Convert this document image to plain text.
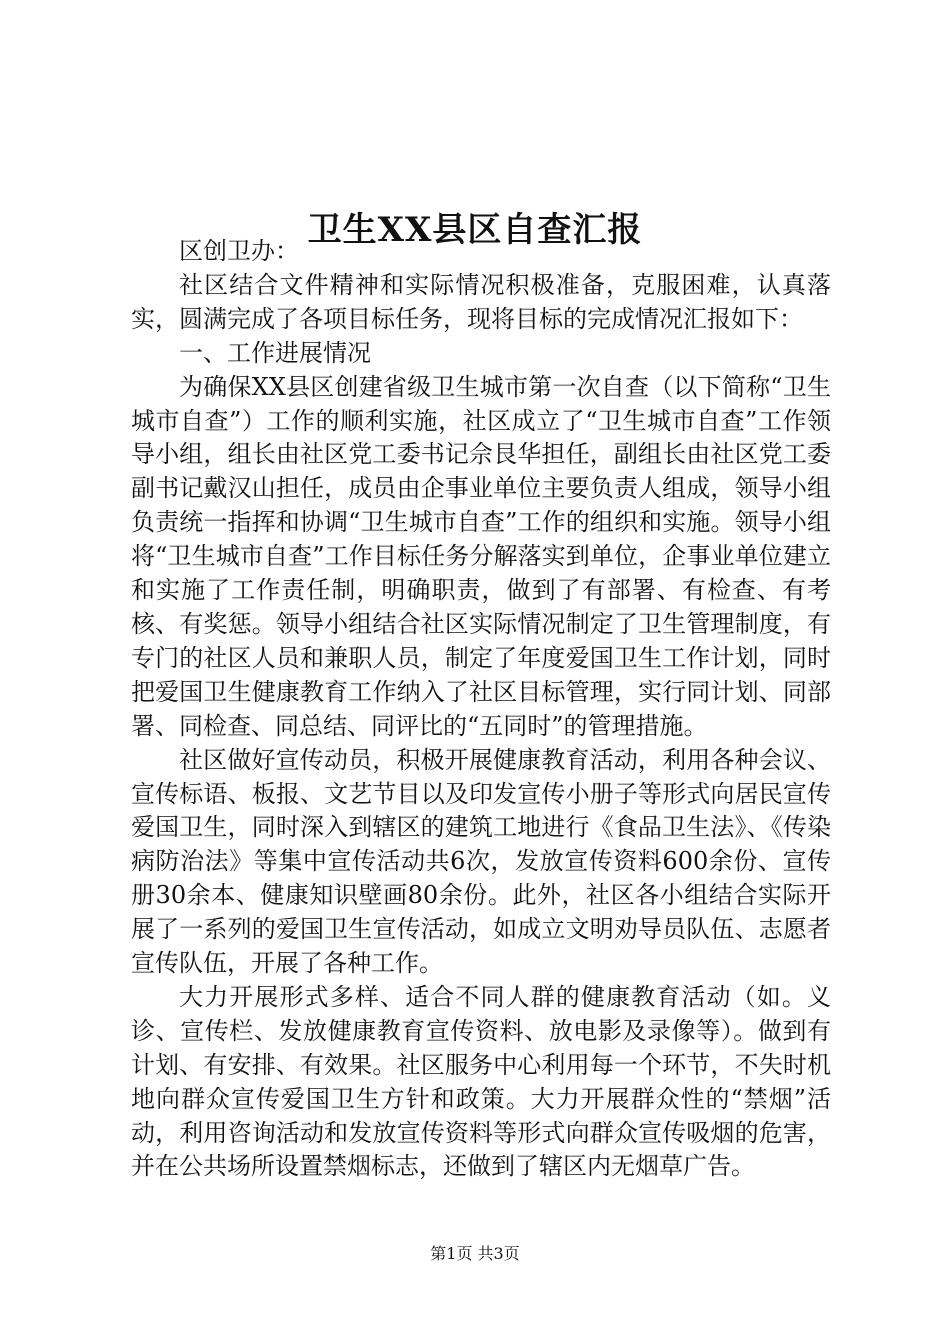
卫生XX县区自查汇报

区创卫办：

社区结合文件精神和实际情况积极准备，克服困难，认真落实，圆满完成了各项目标任务，现将目标的完成情况汇报如下：

一、工作进展情况

为确保XX县区创建省级卫生城市第一次自查（以下简称“卫生城市自查”）工作的顺利实施，社区成立了“卫生城市自查”工作领导小组，组长由社区党工委书记佘艮华担任，副组长由社区党工委副书记戴汉山担任，成员由企事业单位主要负责人组成，领导小组负责统一指挥和协调“卫生城市自查”工作的组织和实施。领导小组将“卫生城市自查”工作目标任务分解落实到单位，企事业单位建立和实施了工作责任制，明确职责，做到了有部署、有检查、有考核、有奖惩。领导小组结合社区实际情况制定了卫生管理制度，有专门的社区人员和兼职人员，制定了年度爱国卫生工作计划，同时把爱国卫生健康教育工作纳入了社区目标管理，实行同计划、同部署、同检查、同总结、同评比的“五同时”的管理措施。

社区做好宣传动员，积极开展健康教育活动，利用各种会议、宣传标语、板报、文艺节目以及印发宣传小册子等形式向居民宣传爱国卫生，同时深入到辖区的建筑工地进行《食品卫生法》、《传染病防治法》等集中宣传活动共6次，发放宣传资料600余份、宣传册30余本、健康知识壁画80余份。此外，社区各小组结合实际开展了一系列的爱国卫生宣传活动，如成立文明劝导员队伍、志愿者宣传队伍，开展了各种工作。

大力开展形式多样、适合不同人群的健康教育活动（如。义诊、宣传栏、发放健康教育宣传资料、放电影及录像等）。做到有计划、有安排、有效果。社区服务中心利用每一个环节，不失时机地向群众宣传爱国卫生方针和政策。大力开展群众性的“禁烟”活动，利用咨询活动和发放宣传资料等形式向群众宣传吸烟的危害，并在公共场所设置禁烟标志，还做到了辖区内无烟草广告。

第1页 共3页
